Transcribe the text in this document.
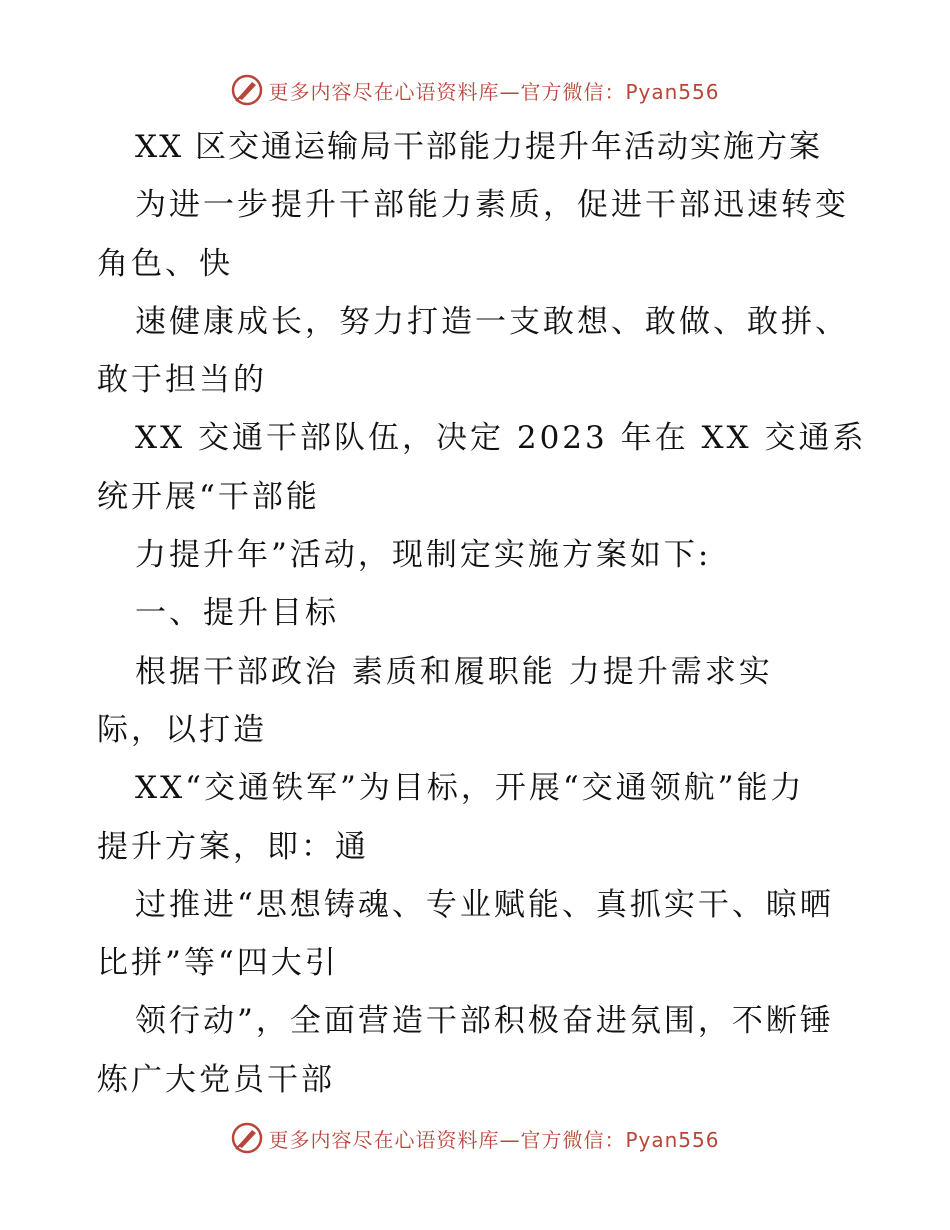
更多内容尽在心语资料库—官方微信：Pyan556
XX 区交通运输局干部能力提升年活动实施方案
为进一步提升干部能力素质，促进干部迅速转变
角色、快
速健康成长，努力打造一支敢想、敢做、敢拼、
敢于担当的
XX 交通干部队伍，决定 2023 年在 XX 交通系
统开展“干部能
力提升年”活动，现制定实施方案如下:
一、提升目标
根据干部政治 素质和履职能 力提升需求实
际，以打造
XX“交通铁军”为目标，开展“交通领航”能力
提升方案，即：通
过推进“思想铸魂、专业赋能、真抓实干、晾晒
比拼”等“四大引
领行动”，全面营造干部积极奋进氛围，不断锤
炼广大党员干部
更多内容尽在心语资料库—官方微信：Pyan556
